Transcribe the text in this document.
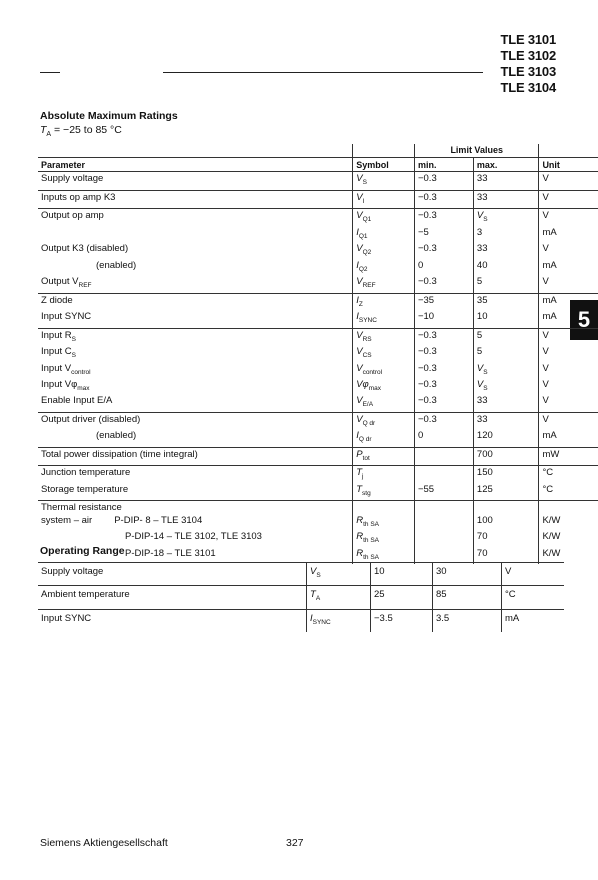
TLE 3101
TLE 3102
TLE 3103
TLE 3104
5
Absolute Maximum Ratings
$T_A = -25$ to 85 °C
		Limit Values		
Parameter	Symbol	min.	max.	Unit
Supply voltage	$V_S$	−0.3	33	V
Inputs op amp K3	$V_I$	−0.3	33	V
Output op amp	$V_{Q1}$	−0.3	$V_S$	V
	$I_{Q1}$	−5	3	mA
Output K3 (disabled)	$V_{Q2}$	−0.3	33	V
(enabled)	$I_{Q2}$	0	40	mA
Output $V_{REF}$	$V_{REF}$	−0.3	5	V
Z diode	$I_Z$	−35	35	mA
Input SYNC	$I_{SYNC}$	−10	10	mA
Input $R_S$	$V_{RS}$	−0.3	5	V
Input $C_S$	$V_{CS}$	−0.3	5	V
Input $V_{control}$	$V_{control}$	−0.3	$V_S$	V
Input $V\varphi_{max}$	$V\varphi_{max}$	−0.3	$V_S$	V
Enable Input E/A	$V_{E/A}$	−0.3	33	V
Output driver (disabled)	$V_{Q dr}$	−0.3	33	V
(enabled)	$I_{Q dr}$	0	120	mA
Total power dissipation (time integral)	$P_{tot}$		700	mW
Junction temperature	$T_j$		150	°C
Storage temperature	$T_{stg}$	−55	125	°C
Thermal resistance				
system – air P-DIP- 8 – TLE 3104	$R_{th SA}$		100	K/W
P-DIP-14 – TLE 3102, TLE 3103	$R_{th SA}$		70	K/W
P-DIP-18 – TLE 3101	$R_{th SA}$		70	K/W
Operating Range
Supply voltage	$V_S$	10	30	V
Ambient temperature	$T_A$	25	85	°C
Input SYNC	$I_{SYNC}$	−3.5	3.5	mA
Siemens Aktiengesellschaft	327
